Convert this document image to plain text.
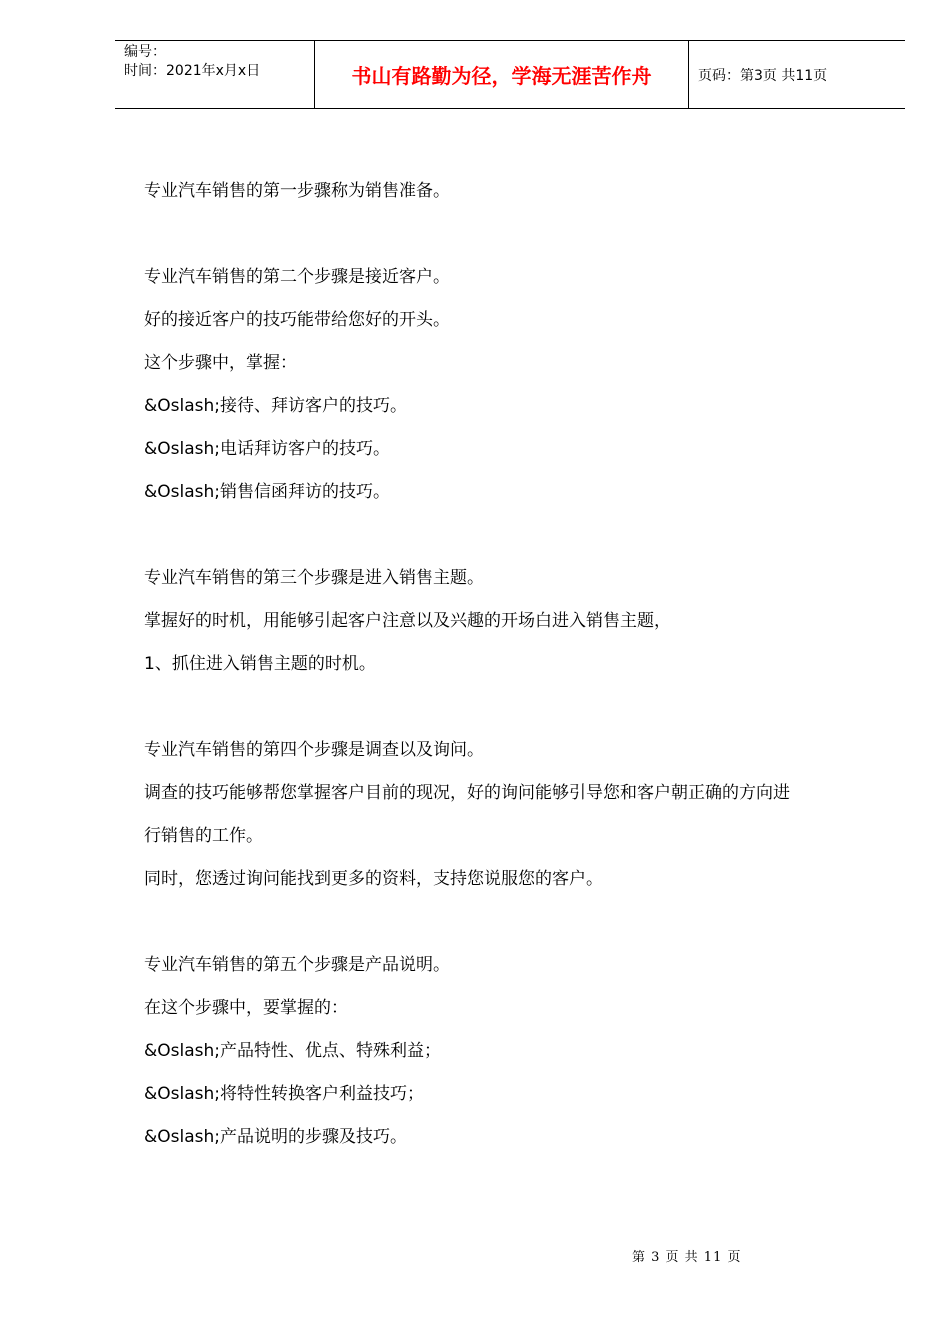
编号：
时间：2021年x月x日	书山有路勤为径，学海无涯苦作舟	页码：第3页 共11页
专业汽车销售的第一步骤称为销售准备。
专业汽车销售的第二个步骤是接近客户。
好的接近客户的技巧能带给您好的开头。
这个步骤中，掌握：
&Oslash;接待、拜访客户的技巧。
&Oslash;电话拜访客户的技巧。
&Oslash;销售信函拜访的技巧。
专业汽车销售的第三个步骤是进入销售主题。
掌握好的时机，用能够引起客户注意以及兴趣的开场白进入销售主题，
1、抓住进入销售主题的时机。
专业汽车销售的第四个步骤是调查以及询问。
调查的技巧能够帮您掌握客户目前的现况，好的询问能够引导您和客户朝正确的方向进
行销售的工作。
同时，您透过询问能找到更多的资料，支持您说服您的客户。
专业汽车销售的第五个步骤是产品说明。
在这个步骤中，要掌握的：
&Oslash;产品特性、优点、特殊利益；
&Oslash;将特性转换客户利益技巧；
&Oslash;产品说明的步骤及技巧。
第 3 页 共 11 页
